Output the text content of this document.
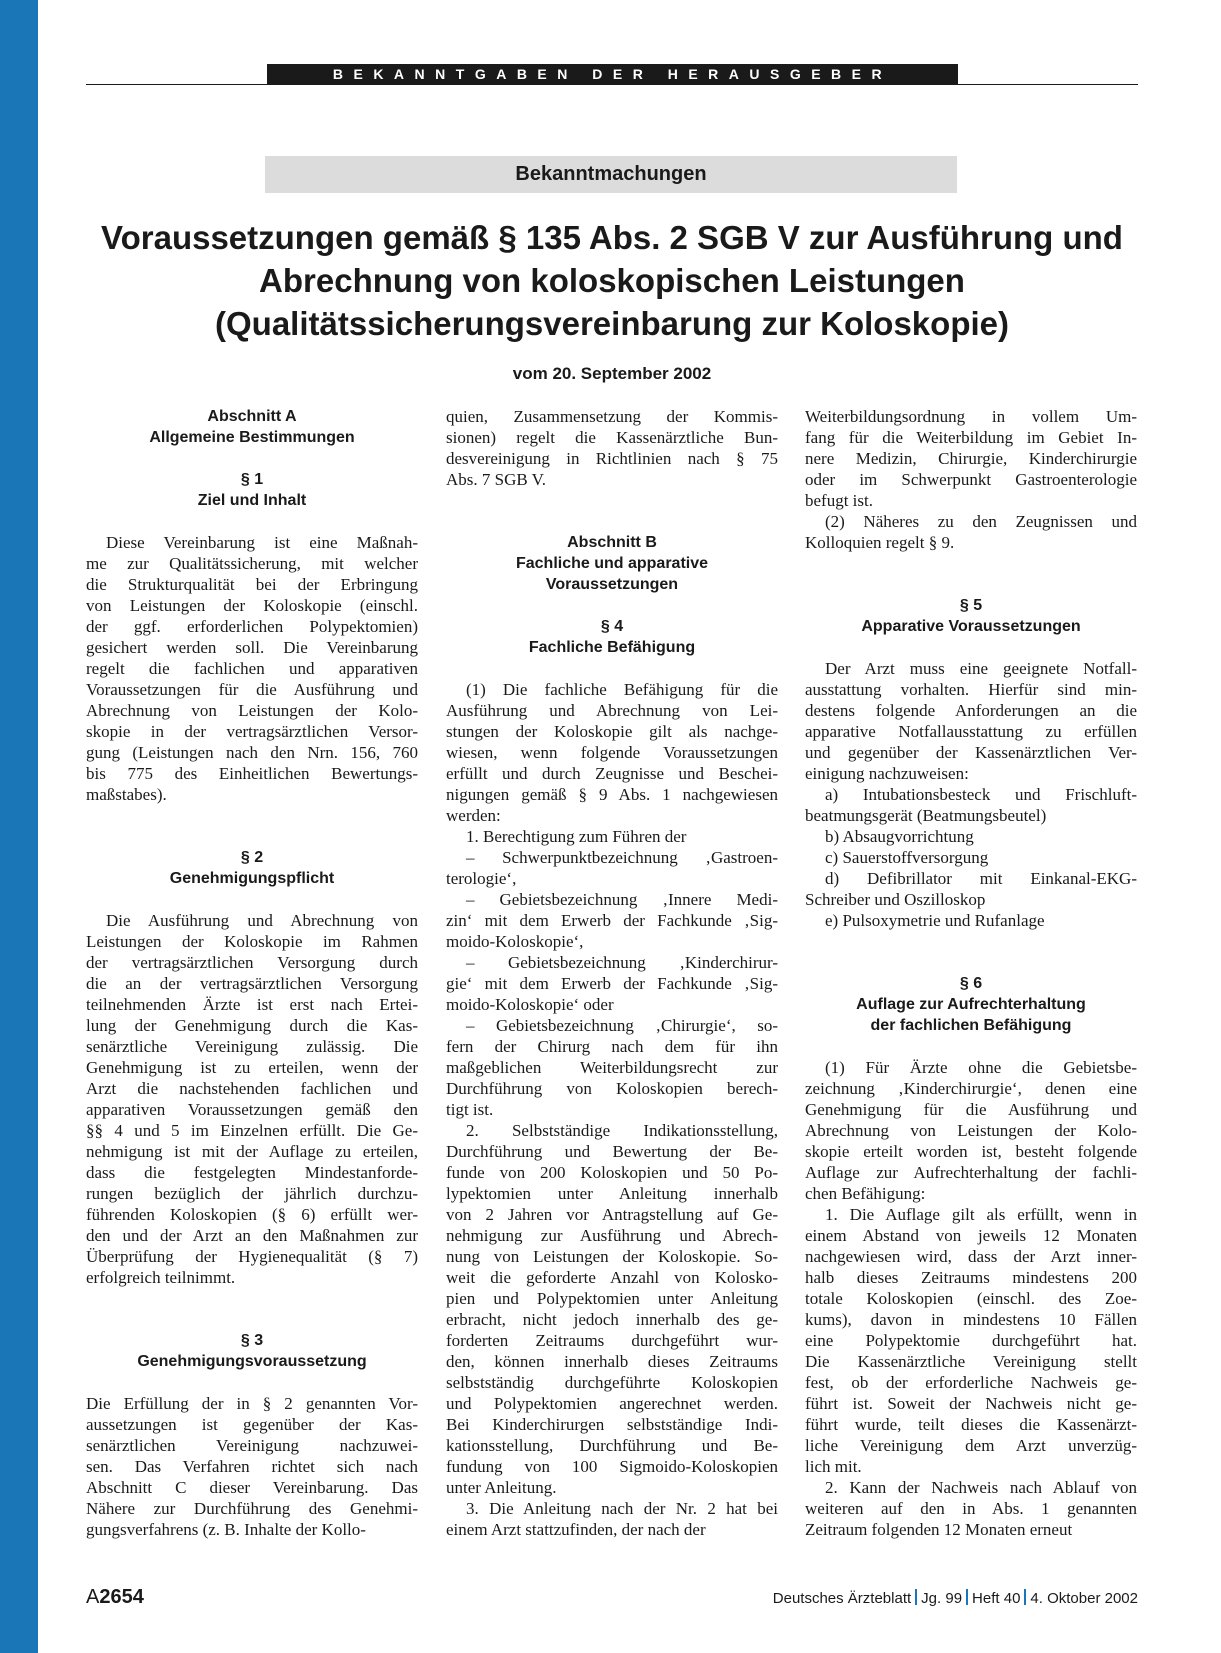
BEKANNTGABEN DER HERAUSGEBER
Bekanntmachungen
Voraussetzungen gemäß § 135 Abs. 2 SGB V zur Ausführung und
Abrechnung von koloskopischen Leistungen
(Qualitätssicherungsvereinbarung zur Koloskopie)
vom 20. September 2002
Abschnitt A
Allgemeine Bestimmungen
§ 1
Ziel und Inhalt
Diese Vereinbarung ist eine Maßnah-
me zur Qualitätssicherung, mit welcher
die Strukturqualität bei der Erbringung
von Leistungen der Koloskopie (einschl.
der ggf. erforderlichen Polypektomien)
gesichert werden soll. Die Vereinbarung
regelt die fachlichen und apparativen
Voraussetzungen für die Ausführung und
Abrechnung von Leistungen der Kolo-
skopie in der vertragsärztlichen Versor-
gung (Leistungen nach den Nrn. 156, 760
bis 775 des Einheitlichen Bewertungs-
maßstabes).
§ 2
Genehmigungspflicht
Die Ausführung und Abrechnung von
Leistungen der Koloskopie im Rahmen
der vertragsärztlichen Versorgung durch
die an der vertragsärztlichen Versorgung
teilnehmenden Ärzte ist erst nach Ertei-
lung der Genehmigung durch die Kas-
senärztliche Vereinigung zulässig. Die
Genehmigung ist zu erteilen, wenn der
Arzt die nachstehenden fachlichen und
apparativen Voraussetzungen gemäß den
§§ 4 und 5 im Einzelnen erfüllt. Die Ge-
nehmigung ist mit der Auflage zu erteilen,
dass die festgelegten Mindestanforde-
rungen bezüglich der jährlich durchzu-
führenden Koloskopien (§ 6) erfüllt wer-
den und der Arzt an den Maßnahmen zur
Überprüfung der Hygienequalität (§ 7)
erfolgreich teilnimmt.
§ 3
Genehmigungsvoraussetzung
Die Erfüllung der in § 2 genannten Vor-
aussetzungen ist gegenüber der Kas-
senärztlichen Vereinigung nachzuwei-
sen. Das Verfahren richtet sich nach
Abschnitt C dieser Vereinbarung. Das
Nähere zur Durchführung des Genehmi-
gungsverfahrens (z. B. Inhalte der Kollo-
quien, Zusammensetzung der Kommis-
sionen) regelt die Kassenärztliche Bun-
desvereinigung in Richtlinien nach § 75
Abs. 7 SGB V.
Abschnitt B
Fachliche und apparative
Voraussetzungen
§ 4
Fachliche Befähigung
(1) Die fachliche Befähigung für die
Ausführung und Abrechnung von Lei-
stungen der Koloskopie gilt als nachge-
wiesen, wenn folgende Voraussetzungen
erfüllt und durch Zeugnisse und Beschei-
nigungen gemäß § 9 Abs. 1 nachgewiesen
werden:
1. Berechtigung zum Führen der
– Schwerpunktbezeichnung ‚Gastroen-
terologie‘,
– Gebietsbezeichnung ‚Innere Medi-
zin‘ mit dem Erwerb der Fachkunde ‚Sig-
moido-Koloskopie‘,
– Gebietsbezeichnung ‚Kinderchirur-
gie‘ mit dem Erwerb der Fachkunde ‚Sig-
moido-Koloskopie‘ oder
– Gebietsbezeichnung ‚Chirurgie‘, so-
fern der Chirurg nach dem für ihn
maßgeblichen Weiterbildungsrecht zur
Durchführung von Koloskopien berech-
tigt ist.
2. Selbstständige Indikationsstellung,
Durchführung und Bewertung der Be-
funde von 200 Koloskopien und 50 Po-
lypektomien unter Anleitung innerhalb
von 2 Jahren vor Antragstellung auf Ge-
nehmigung zur Ausführung und Abrech-
nung von Leistungen der Koloskopie. So-
weit die geforderte Anzahl von Kolosko-
pien und Polypektomien unter Anleitung
erbracht, nicht jedoch innerhalb des ge-
forderten Zeitraums durchgeführt wur-
den, können innerhalb dieses Zeitraums
selbstständig durchgeführte Koloskopien
und Polypektomien angerechnet werden.
Bei Kinderchirurgen selbstständige Indi-
kationsstellung, Durchführung und Be-
fundung von 100 Sigmoido-Koloskopien
unter Anleitung.
3. Die Anleitung nach der Nr. 2 hat bei
einem Arzt stattzufinden, der nach der
Weiterbildungsordnung in vollem Um-
fang für die Weiterbildung im Gebiet In-
nere Medizin, Chirurgie, Kinderchirurgie
oder im Schwerpunkt Gastroenterologie
befugt ist.
(2) Näheres zu den Zeugnissen und
Kolloquien regelt § 9.
§ 5
Apparative Voraussetzungen
Der Arzt muss eine geeignete Notfall-
ausstattung vorhalten. Hierfür sind min-
destens folgende Anforderungen an die
apparative Notfallausstattung zu erfüllen
und gegenüber der Kassenärztlichen Ver-
einigung nachzuweisen:
a) Intubationsbesteck und Frischluft-
beatmungsgerät (Beatmungsbeutel)
b) Absaugvorrichtung
c) Sauerstoffversorgung
d) Defibrillator mit Einkanal-EKG-
Schreiber und Oszilloskop
e) Pulsoxymetrie und Rufanlage
§ 6
Auflage zur Aufrechterhaltung
der fachlichen Befähigung
(1) Für Ärzte ohne die Gebietsbe-
zeichnung ‚Kinderchirurgie‘, denen eine
Genehmigung für die Ausführung und
Abrechnung von Leistungen der Kolo-
skopie erteilt worden ist, besteht folgende
Auflage zur Aufrechterhaltung der fachli-
chen Befähigung:
1. Die Auflage gilt als erfüllt, wenn in
einem Abstand von jeweils 12 Monaten
nachgewiesen wird, dass der Arzt inner-
halb dieses Zeitraums mindestens 200
totale Koloskopien (einschl. des Zoe-
kums), davon in mindestens 10 Fällen
eine Polypektomie durchgeführt hat.
Die Kassenärztliche Vereinigung stellt
fest, ob der erforderliche Nachweis ge-
führt ist. Soweit der Nachweis nicht ge-
führt wurde, teilt dieses die Kassenärzt-
liche Vereinigung dem Arzt unverzüg-
lich mit.
2. Kann der Nachweis nach Ablauf von
weiteren auf den in Abs. 1 genannten
Zeitraum folgenden 12 Monaten erneut
A2654	Deutsches Ärzteblatt Jg. 99 Heft 40 4. Oktober 2002
